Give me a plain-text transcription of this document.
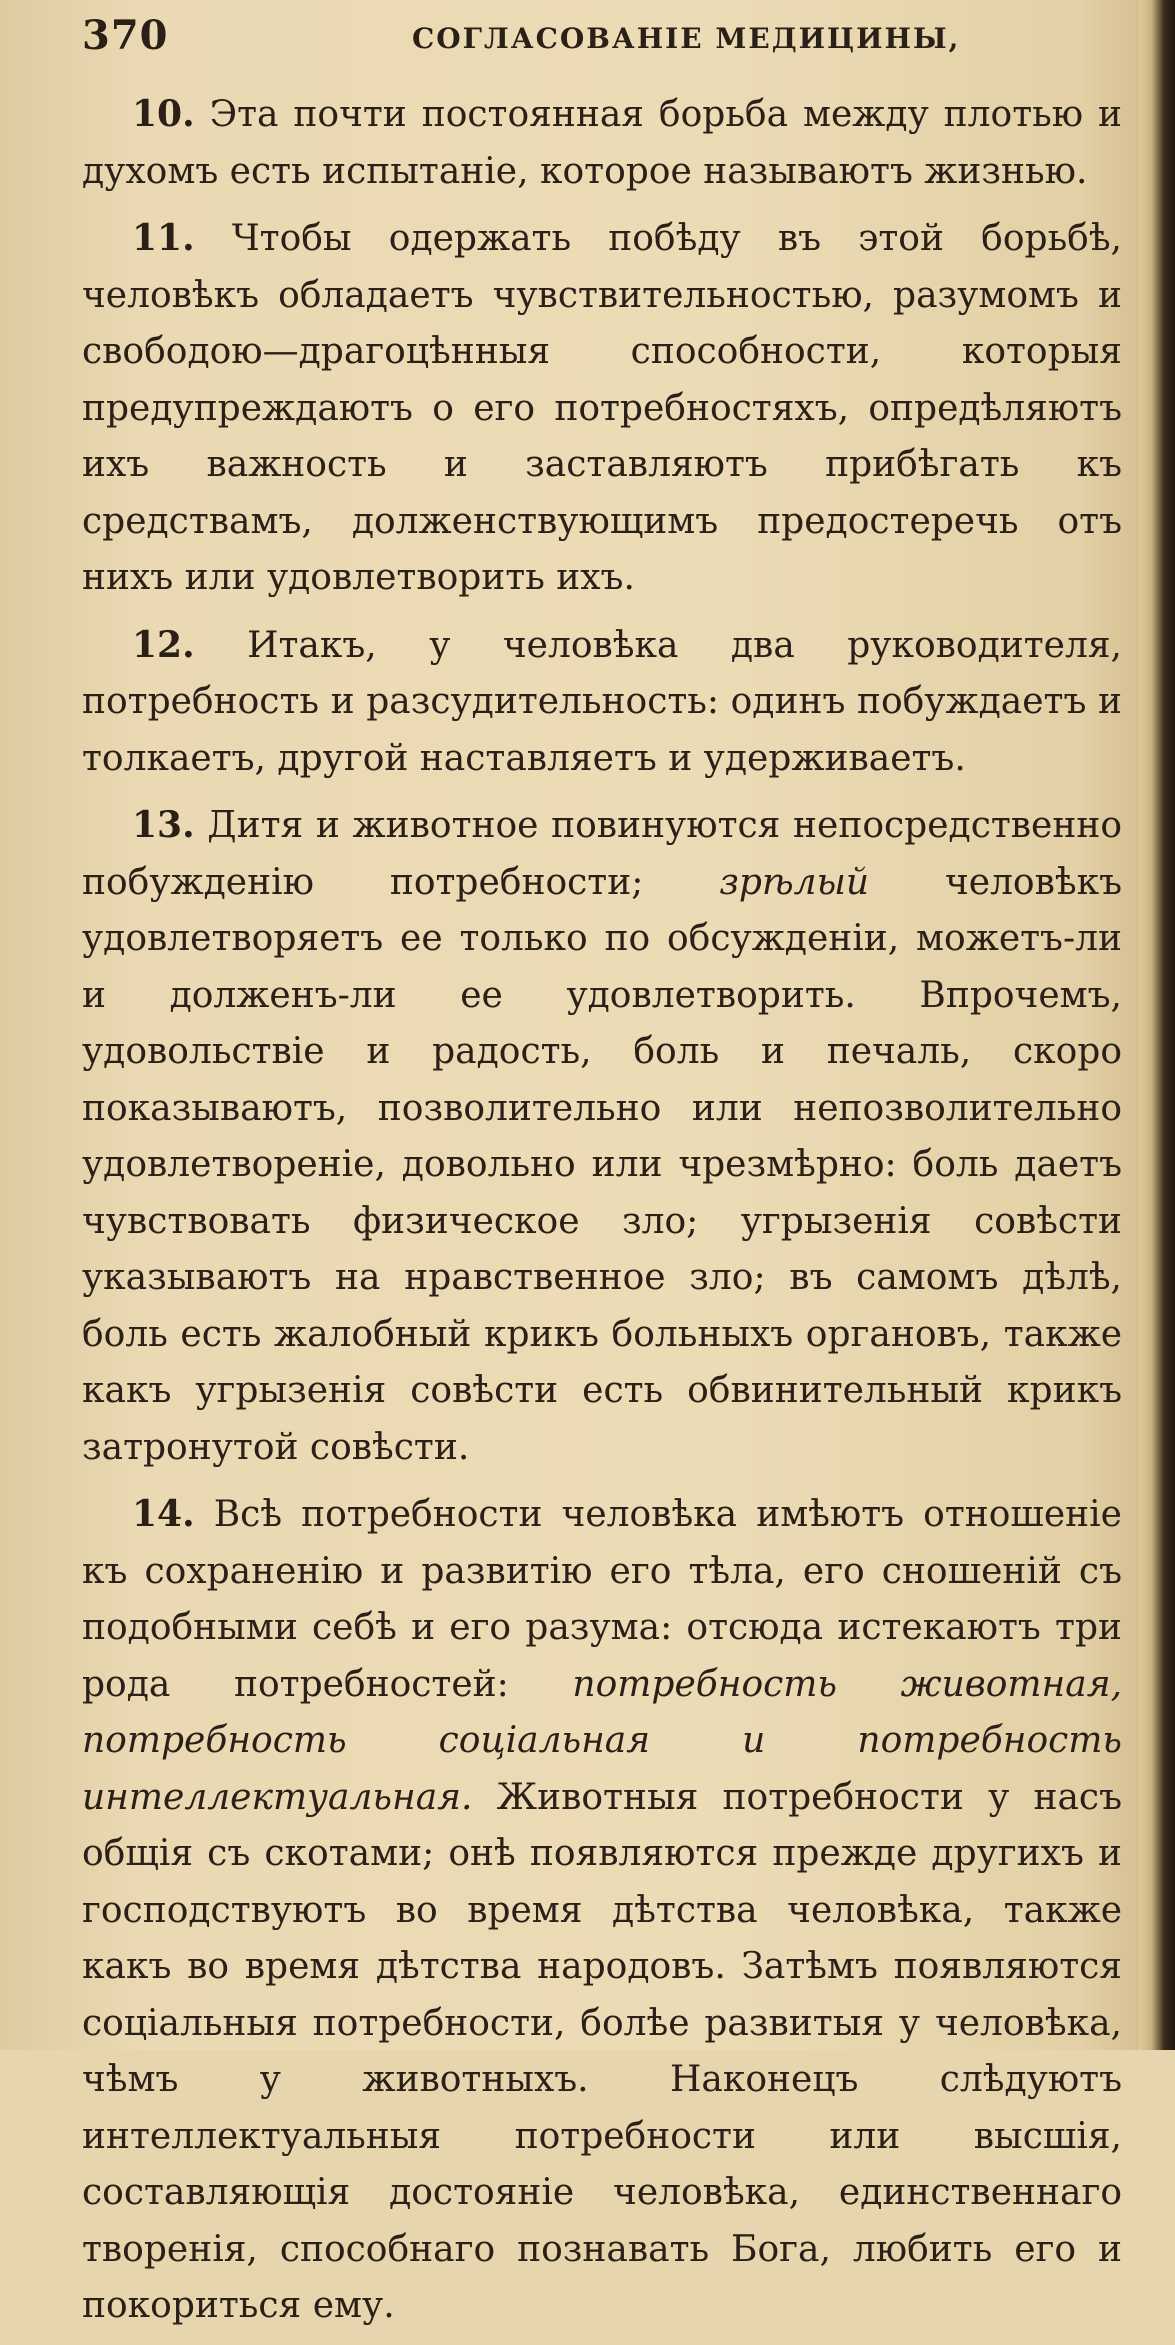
370	СОГЛАСОВАНІЕ МЕДИЦИНЫ,

10. Эта почти постоянная борьба между плотью и духомъ есть испытаніе, которое называютъ жизнью.

11. Чтобы одержать побѣду въ этой борьбѣ, человѣкъ обладаетъ чувствительностью, разумомъ и свободою—драгоцѣнныя способности, которыя предупреждаютъ о его потребностяхъ, опредѣляютъ ихъ важность и заставляютъ прибѣгать къ средствамъ, долженствующимъ предостеречь отъ нихъ или удовлетворить ихъ.

12. Итакъ, у человѣка два руководителя, потребность и разсудительность: одинъ побуждаетъ и толкаетъ, другой наставляетъ и удерживаетъ.

13. Дитя и животное повинуются непосредственно побужденію потребности; зрѣлый человѣкъ удовлетворяетъ ее только по обсужденіи, можетъ-ли и долженъ-ли ее удовлетворить. Впрочемъ, удовольствіе и радость, боль и печаль, скоро показываютъ, позволительно или непозволительно удовлетвореніе, довольно или чрезмѣрно: боль даетъ чувствовать физическое зло; угрызенія совѣсти указываютъ на нравственное зло; въ самомъ дѣлѣ, боль есть жалобный крикъ больныхъ органовъ, также какъ угрызенія совѣсти есть обвинительный крикъ затронутой совѣсти.

14. Всѣ потребности человѣка имѣютъ отношеніе къ сохраненію и развитію его тѣла, его сношеній съ подобными себѣ и его разума: отсюда истекаютъ три рода потребностей: потребность животная, потребность соціальная и потребность интеллектуальная. Животныя потребности у насъ общія съ скотами; онѣ появляются прежде другихъ и господствуютъ во время дѣтства человѣка, также какъ во время дѣтства народовъ. Затѣмъ появляются соціальныя потребности, болѣе развитыя у человѣка, чѣмъ у животныхъ. Наконецъ слѣдуютъ интеллектуальныя потребности или высшія, составляющія достояніе человѣка, единственнаго творенія, способнаго познавать Бога, любить его и покориться ему.
